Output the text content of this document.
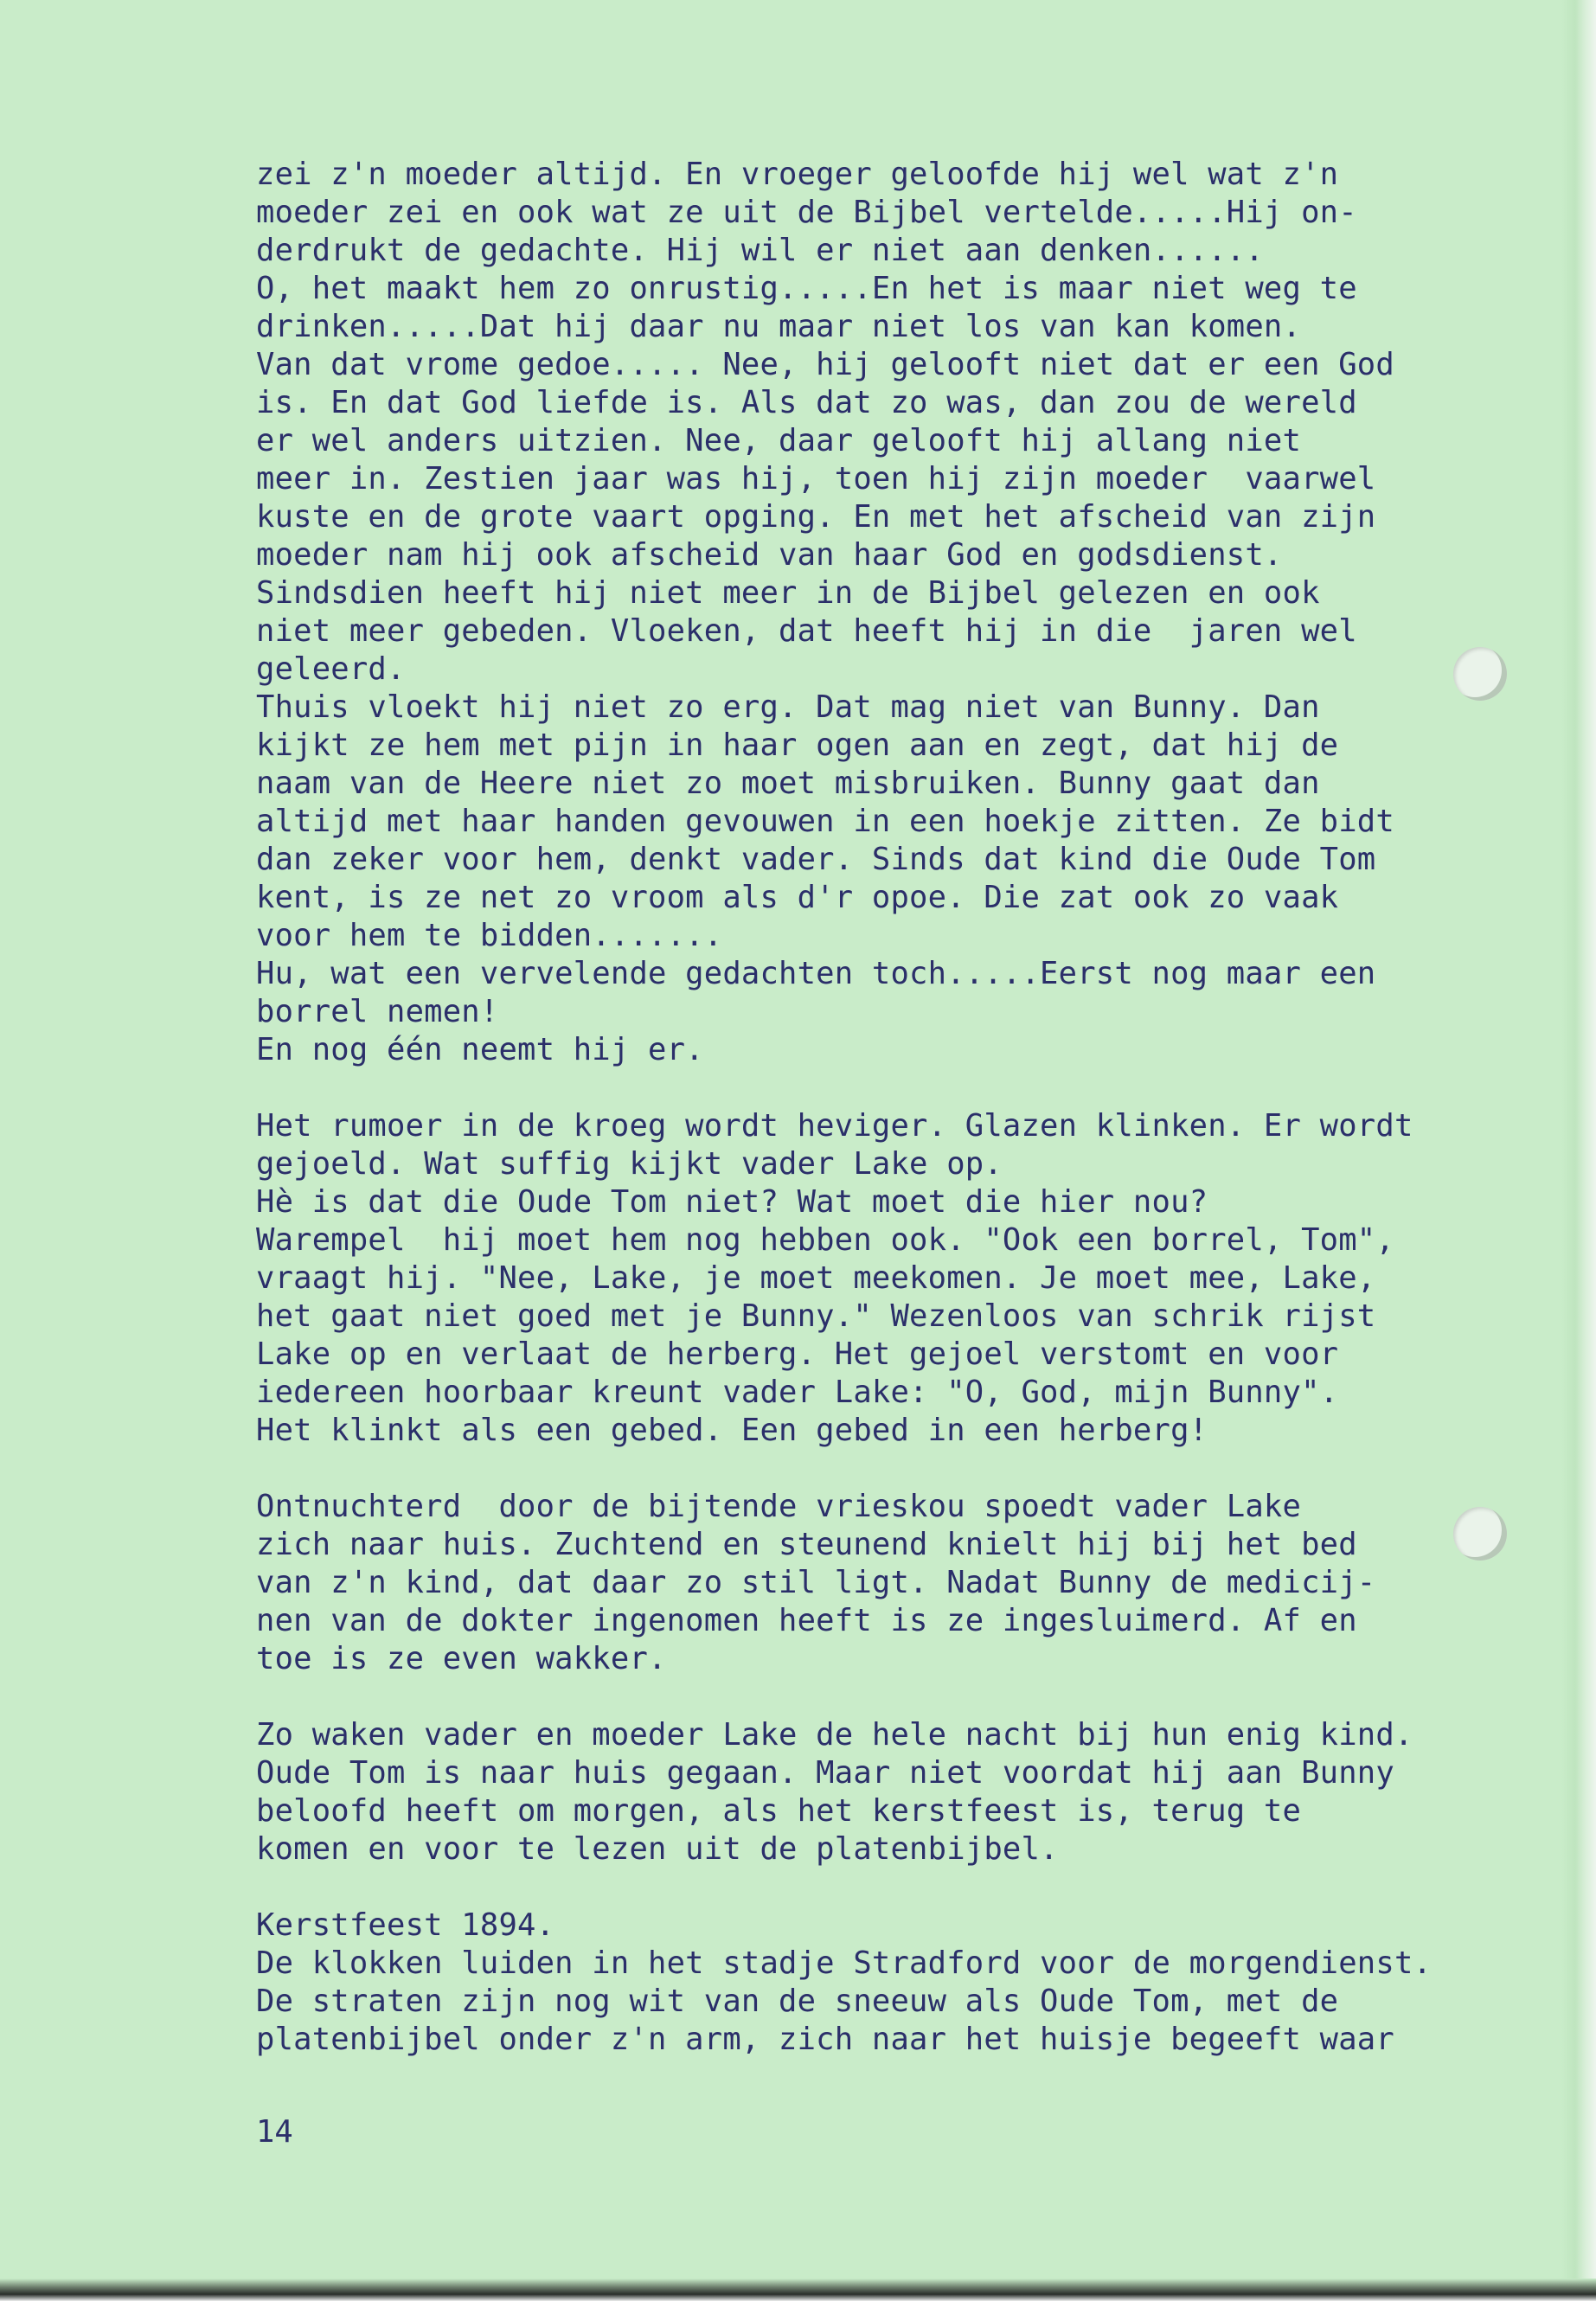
zei z'n moeder altijd. En vroeger geloofde hij wel wat z'n
moeder zei en ook wat ze uit de Bijbel vertelde.....Hij on-
derdrukt de gedachte. Hij wil er niet aan denken......
O, het maakt hem zo onrustig.....En het is maar niet weg te
drinken.....Dat hij daar nu maar niet los van kan komen.
Van dat vrome gedoe..... Nee, hij gelooft niet dat er een God
is. En dat God liefde is. Als dat zo was, dan zou de wereld
er wel anders uitzien. Nee, daar gelooft hij allang niet
meer in. Zestien jaar was hij, toen hij zijn moeder  vaarwel
kuste en de grote vaart opging. En met het afscheid van zijn
moeder nam hij ook afscheid van haar God en godsdienst.
Sindsdien heeft hij niet meer in de Bijbel gelezen en ook
niet meer gebeden. Vloeken, dat heeft hij in die  jaren wel
geleerd.
Thuis vloekt hij niet zo erg. Dat mag niet van Bunny. Dan
kijkt ze hem met pijn in haar ogen aan en zegt, dat hij de
naam van de Heere niet zo moet misbruiken. Bunny gaat dan
altijd met haar handen gevouwen in een hoekje zitten. Ze bidt
dan zeker voor hem, denkt vader. Sinds dat kind die Oude Tom
kent, is ze net zo vroom als d'r opoe. Die zat ook zo vaak
voor hem te bidden.......
Hu, wat een vervelende gedachten toch.....Eerst nog maar een
borrel nemen!
En nog één neemt hij er.
Het rumoer in de kroeg wordt heviger. Glazen klinken. Er wordt
gejoeld. Wat suffig kijkt vader Lake op.
Hè is dat die Oude Tom niet? Wat moet die hier nou?
Warempel  hij moet hem nog hebben ook. "Ook een borrel, Tom",
vraagt hij. "Nee, Lake, je moet meekomen. Je moet mee, Lake,
het gaat niet goed met je Bunny." Wezenloos van schrik rijst
Lake op en verlaat de herberg. Het gejoel verstomt en voor
iedereen hoorbaar kreunt vader Lake: "O, God, mijn Bunny".
Het klinkt als een gebed. Een gebed in een herberg!
Ontnuchterd  door de bijtende vrieskou spoedt vader Lake
zich naar huis. Zuchtend en steunend knielt hij bij het bed
van z'n kind, dat daar zo stil ligt. Nadat Bunny de medicij-
nen van de dokter ingenomen heeft is ze ingesluimerd. Af en
toe is ze even wakker.
Zo waken vader en moeder Lake de hele nacht bij hun enig kind.
Oude Tom is naar huis gegaan. Maar niet voordat hij aan Bunny
beloofd heeft om morgen, als het kerstfeest is, terug te
komen en voor te lezen uit de platenbijbel.
Kerstfeest 1894.
De klokken luiden in het stadje Stradford voor de morgendienst.
De straten zijn nog wit van de sneeuw als Oude Tom, met de
platenbijbel onder z'n arm, zich naar het huisje begeeft waar
14
